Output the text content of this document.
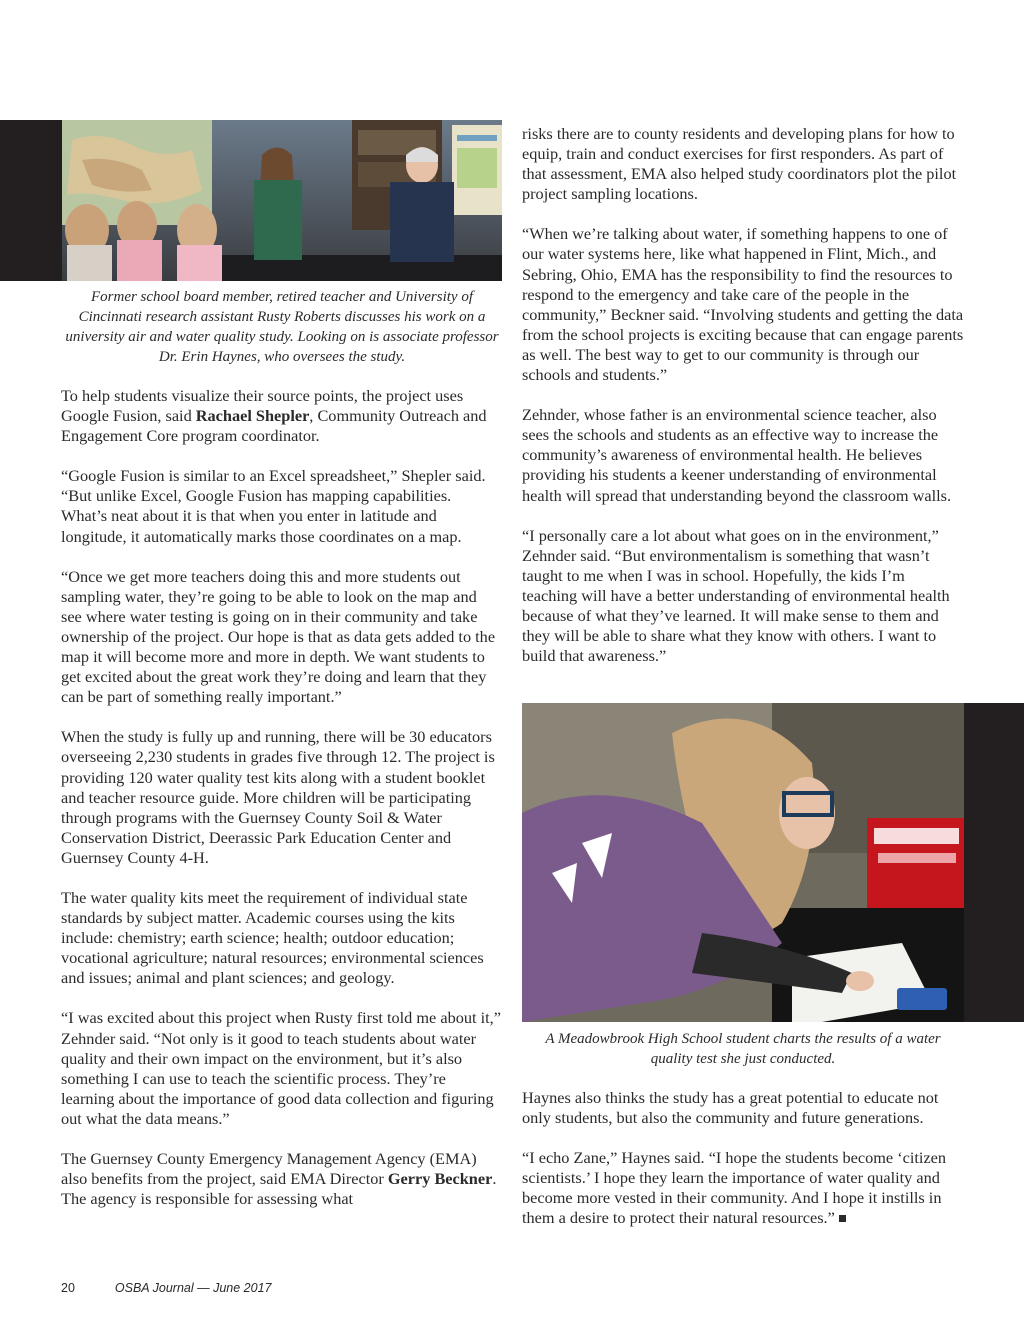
Former school board member, retired teacher and University of Cincinnati research assistant Rusty Roberts discusses his work on a university air and water quality study. Looking on is associate professor Dr. Erin Haynes, who oversees the study.

To help students visualize their source points, the project uses Google Fusion, said Rachael Shepler, Community Outreach and Engagement Core program coordinator.

“Google Fusion is similar to an Excel spreadsheet,” Shepler said. “But unlike Excel, Google Fusion has mapping capabilities. What’s neat about it is that when you enter in latitude and longitude, it automatically marks those coordinates on a map.

“Once we get more teachers doing this and more students out sampling water, they’re going to be able to look on the map and see where water testing is going on in their community and take ownership of the project. Our hope is that as data gets added to the map it will become more and more in depth. We want students to get excited about the great work they’re doing and learn that they can be part of something really important.”

When the study is fully up and running, there will be 30 educators overseeing 2,230 students in grades five through 12. The project is providing 120 water quality test kits along with a student booklet and teacher resource guide. More children will be participating through programs with the Guernsey County Soil & Water Conservation District, Deerassic Park Education Center and Guernsey County 4-H.

The water quality kits meet the requirement of individual state standards by subject matter. Academic courses using the kits include: chemistry; earth science; health; outdoor education; vocational agriculture; natural resources; environmental sciences and issues; animal and plant sciences; and geology.

“I was excited about this project when Rusty first told me about it,” Zehnder said. “Not only is it good to teach students about water quality and their own impact on the environment, but it’s also something I can use to teach the scientific process. They’re learning about the importance of good data collection and figuring out what the data means.”

The Guernsey County Emergency Management Agency (EMA) also benefits from the project, said EMA Director Gerry Beckner. The agency is responsible for assessing what

risks there are to county residents and developing plans for how to equip, train and conduct exercises for first responders. As part of that assessment, EMA also helped study coordinators plot the pilot project sampling locations.

“When we’re talking about water, if something happens to one of our water systems here, like what happened in Flint, Mich., and Sebring, Ohio, EMA has the responsibility to find the resources to respond to the emergency and take care of the people in the community,” Beckner said. “Involving students and getting the data from the school projects is exciting because that can engage parents as well. The best way to get to our community is through our schools and students.”

Zehnder, whose father is an environmental science teacher, also sees the schools and students as an effective way to increase the community’s awareness of environmental health. He believes providing his students a keener understanding of environmental health will spread that understanding beyond the classroom walls.

“I personally care a lot about what goes on in the environment,” Zehnder said. “But environmentalism is something that wasn’t taught to me when I was in school. Hopefully, the kids I’m teaching will have a better understanding of environmental health because of what they’ve learned. It will make sense to them and they will be able to share what they know with others. I want to build that awareness.”

A Meadowbrook High School student charts the results of a water quality test she just conducted.

Haynes also thinks the study has a great potential to educate not only students, but also the community and future generations.

“I echo Zane,” Haynes said. “I hope the students become ‘citizen scientists.’ I hope they learn the importance of water quality and become more vested in their community. And I hope it instills in them a desire to protect their natural resources.”

20	OSBA Journal — June 2017
